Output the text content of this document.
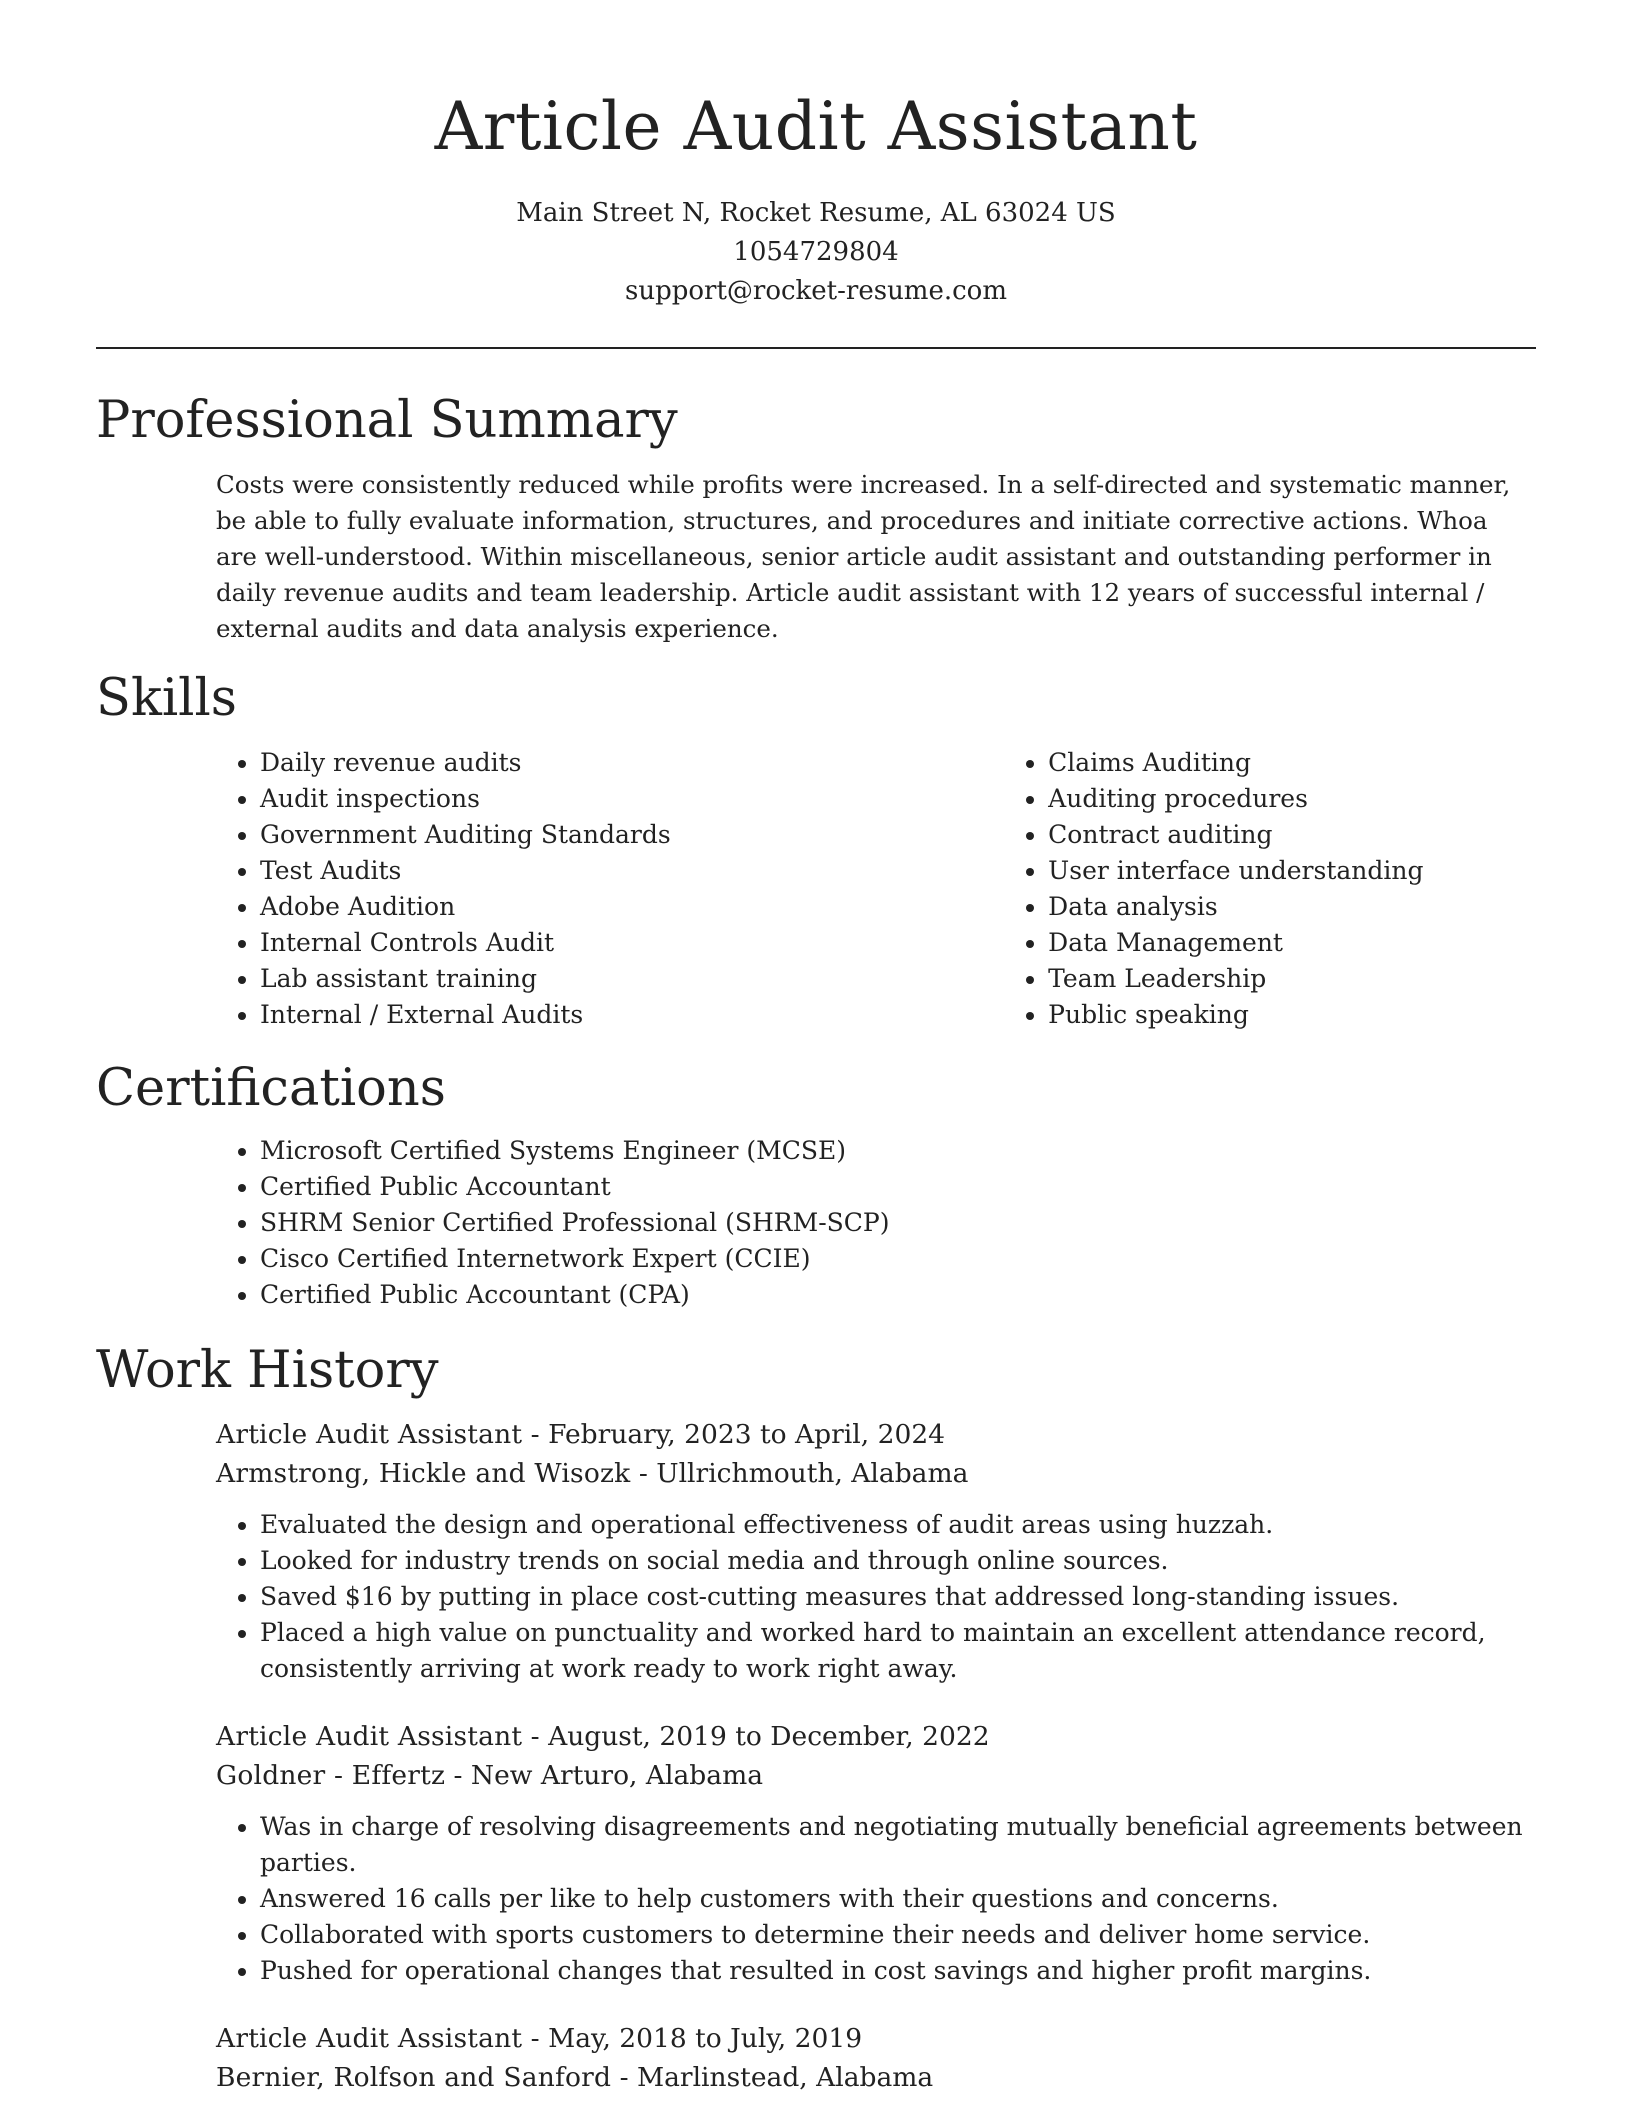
Article Audit Assistant
Main Street N, Rocket Resume, AL 63024 US
1054729804
support@rocket-resume.com
Professional Summary

Costs were consistently reduced while profits were increased. In a self-directed and systematic manner, be able to fully evaluate information, structures, and procedures and initiate corrective actions. Whoa are well-understood. Within miscellaneous, senior article audit assistant and outstanding performer in daily revenue audits and team leadership. Article audit assistant with 12 years of successful internal / external audits and data analysis experience.

Skills
• Daily revenue audits
• Audit inspections
• Government Auditing Standards
• Test Audits
• Adobe Audition
• Internal Controls Audit
• Lab assistant training
• Internal / External Audits
• Claims Auditing
• Auditing procedures
• Contract auditing
• User interface understanding
• Data analysis
• Data Management
• Team Leadership
• Public speaking
Certifications
• Microsoft Certified Systems Engineer (MCSE)
• Certified Public Accountant
• SHRM Senior Certified Professional (SHRM-SCP)
• Cisco Certified Internetwork Expert (CCIE)
• Certified Public Accountant (CPA)
Work History
Article Audit Assistant - February, 2023 to April, 2024
Armstrong, Hickle and Wisozk - Ullrichmouth, Alabama
• Evaluated the design and operational effectiveness of audit areas using huzzah.
• Looked for industry trends on social media and through online sources.
• Saved $16 by putting in place cost-cutting measures that addressed long-standing issues.
• Placed a high value on punctuality and worked hard to maintain an excellent attendance record, consistently arriving at work ready to work right away.
Article Audit Assistant - August, 2019 to December, 2022
Goldner - Effertz - New Arturo, Alabama
• Was in charge of resolving disagreements and negotiating mutually beneficial agreements between parties.
• Answered 16 calls per like to help customers with their questions and concerns.
• Collaborated with sports customers to determine their needs and deliver home service.
• Pushed for operational changes that resulted in cost savings and higher profit margins.
Article Audit Assistant - May, 2018 to July, 2019
Bernier, Rolfson and Sanford - Marlinstead, Alabama
